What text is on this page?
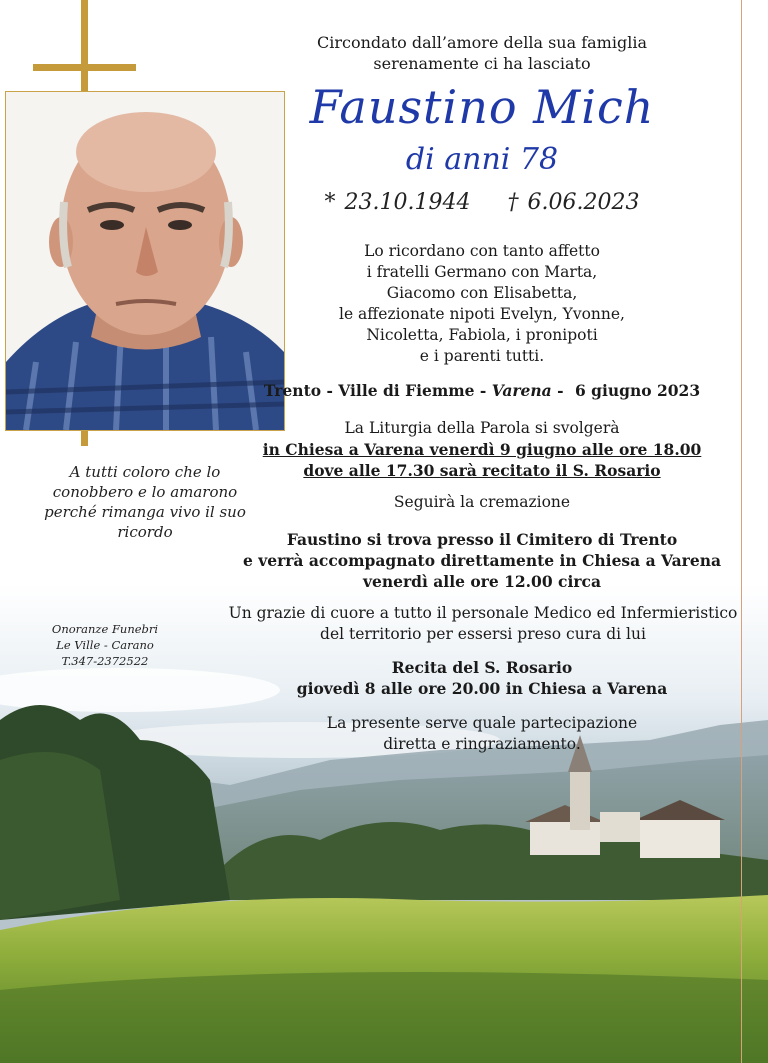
Circondato dall’amore della sua famiglia
serenamente ci ha lasciato
Faustino Mich
di anni 78
* 23.10.1944 † 6.06.2023
Lo ricordano con tanto affetto
i fratelli Germano con Marta,
Giacomo con Elisabetta,
le affezionate nipoti Evelyn, Yvonne,
Nicoletta, Fabiola, i pronipoti
e i parenti tutti.
Trento - Ville di Fiemme - Varena - 6 giugno 2023
La Liturgia della Parola si svolgerà
in Chiesa a Varena venerdì 9 giugno alle ore 18.00
dove alle 17.30 sarà recitato il S. Rosario
Seguirà la cremazione
Faustino si trova presso il Cimitero di Trento
e verrà accompagnato direttamente in Chiesa a Varena
venerdì alle ore 12.00 circa
Un grazie di cuore a tutto il personale Medico ed Infermieristico
del territorio per essersi preso cura di lui
Recita del S. Rosario
giovedì 8 alle ore 20.00 in Chiesa a Varena
La presente serve quale partecipazione
diretta e ringraziamento.
A tutti coloro che lo
conobbero e lo amarono
perché rimanga vivo il suo
ricordo
Onoranze Funebri
Le Ville - Carano
T.347-2372522
